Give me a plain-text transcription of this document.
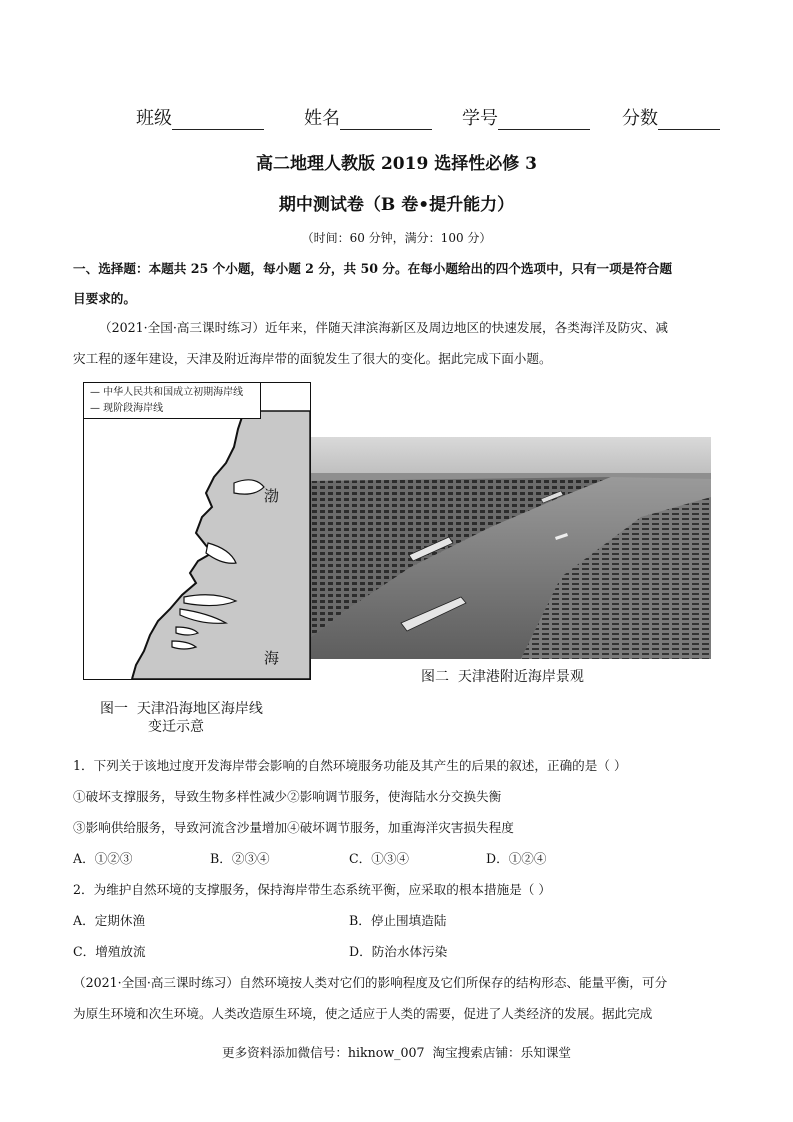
班级	姓名	学号	分数
高二地理人教版 2019 选择性必修 3
期中测试卷（B 卷•提升能力）
（时间：60 分钟，满分：100 分）
一、选择题：本题共 25 个小题，每小题 2 分，共 50 分。在每小题给出的四个选项中，只有一项是符合题
目要求的。
（2021·全国·高三课时练习）近年来，伴随天津滨海新区及周边地区的快速发展，各类海洋及防灾、减
灾工程的逐年建设，天津及附近海岸带的面貌发生了很大的变化。据此完成下面小题。
— 中华人民共和国成立初期海岸线
— 现阶段海岸线
渤
海
图一  天津沿海地区海岸线
变迁示意
图二  天津港附近海岸景观
1．下列关于该地过度开发海岸带会影响的自然环境服务功能及其产生的后果的叙述，正确的是（ ）
①破坏支撑服务，导致生物多样性减少②影响调节服务，使海陆水分交换失衡
③影响供给服务，导致河流含沙量增加④破坏调节服务，加重海洋灾害损失程度
A．①②③	B．②③④	C．①③④	D．①②④
2．为维护自然环境的支撑服务，保持海岸带生态系统平衡，应采取的根本措施是（ ）
A．定期休渔	B．停止围填造陆
C．增殖放流	D．防治水体污染
（2021·全国·高三课时练习）自然环境按人类对它们的影响程度及它们所保存的结构形态、能量平衡，可分
为原生环境和次生环境。人类改造原生环境，使之适应于人类的需要，促进了人类经济的发展。据此完成
更多资料添加微信号：hiknow_007  淘宝搜索店铺：乐知课堂
